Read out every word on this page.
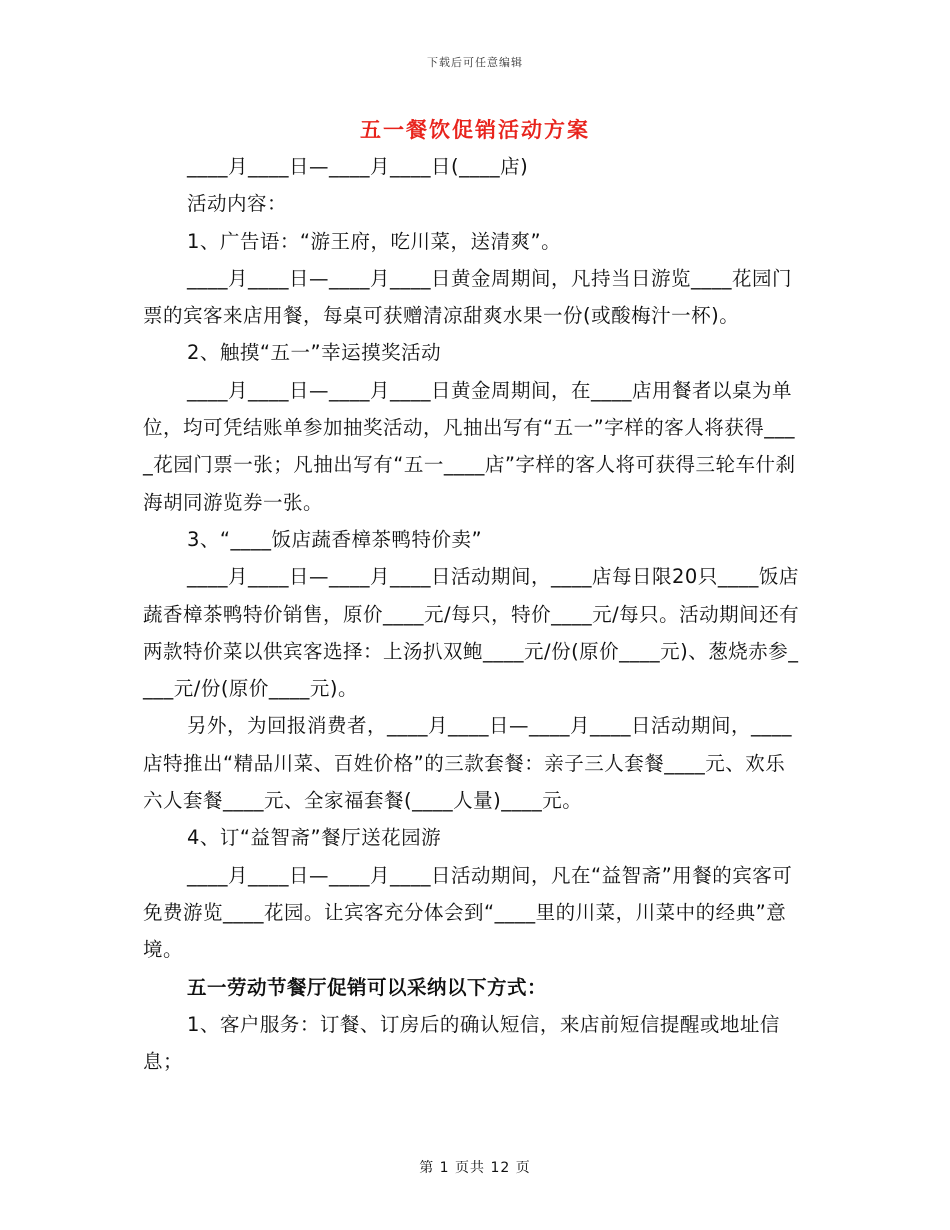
下载后可任意编辑
五一餐饮促销活动方案

____月____日—____月____日(____店)

活动内容：

1、广告语：“游王府，吃川菜，送清爽”。

____月____日—____月____日黄金周期间，凡持当日游览____花园门票的宾客来店用餐，每桌可获赠清凉甜爽水果一份(或酸梅汁一杯)。

2、触摸“五一”幸运摸奖活动

____月____日—____月____日黄金周期间，在____店用餐者以桌为单位，均可凭结账单参加抽奖活动，凡抽出写有“五一”字样的客人将获得____花园门票一张；凡抽出写有“五一____店”字样的客人将可获得三轮车什刹海胡同游览券一张。

3、“____饭店蔬香樟茶鸭特价卖”

____月____日—____月____日活动期间，____店每日限20只____饭店蔬香樟茶鸭特价销售，原价____元/每只，特价____元/每只。活动期间还有两款特价菜以供宾客选择：上汤扒双鲍____元/份(原价____元)、葱烧赤参____元/份(原价____元)。

另外，为回报消费者，____月____日—____月____日活动期间，____店特推出“精品川菜、百姓价格”的三款套餐：亲子三人套餐____元、欢乐六人套餐____元、全家福套餐(____人量)____元。

4、订“益智斋”餐厅送花园游

____月____日—____月____日活动期间，凡在“益智斋”用餐的宾客可免费游览____花园。让宾客充分体会到“____里的川菜，川菜中的经典”意境。

五一劳动节餐厅促销可以采纳以下方式：

1、客户服务：订餐、订房后的确认短信，来店前短信提醒或地址信息；

第 1 页共 12 页
